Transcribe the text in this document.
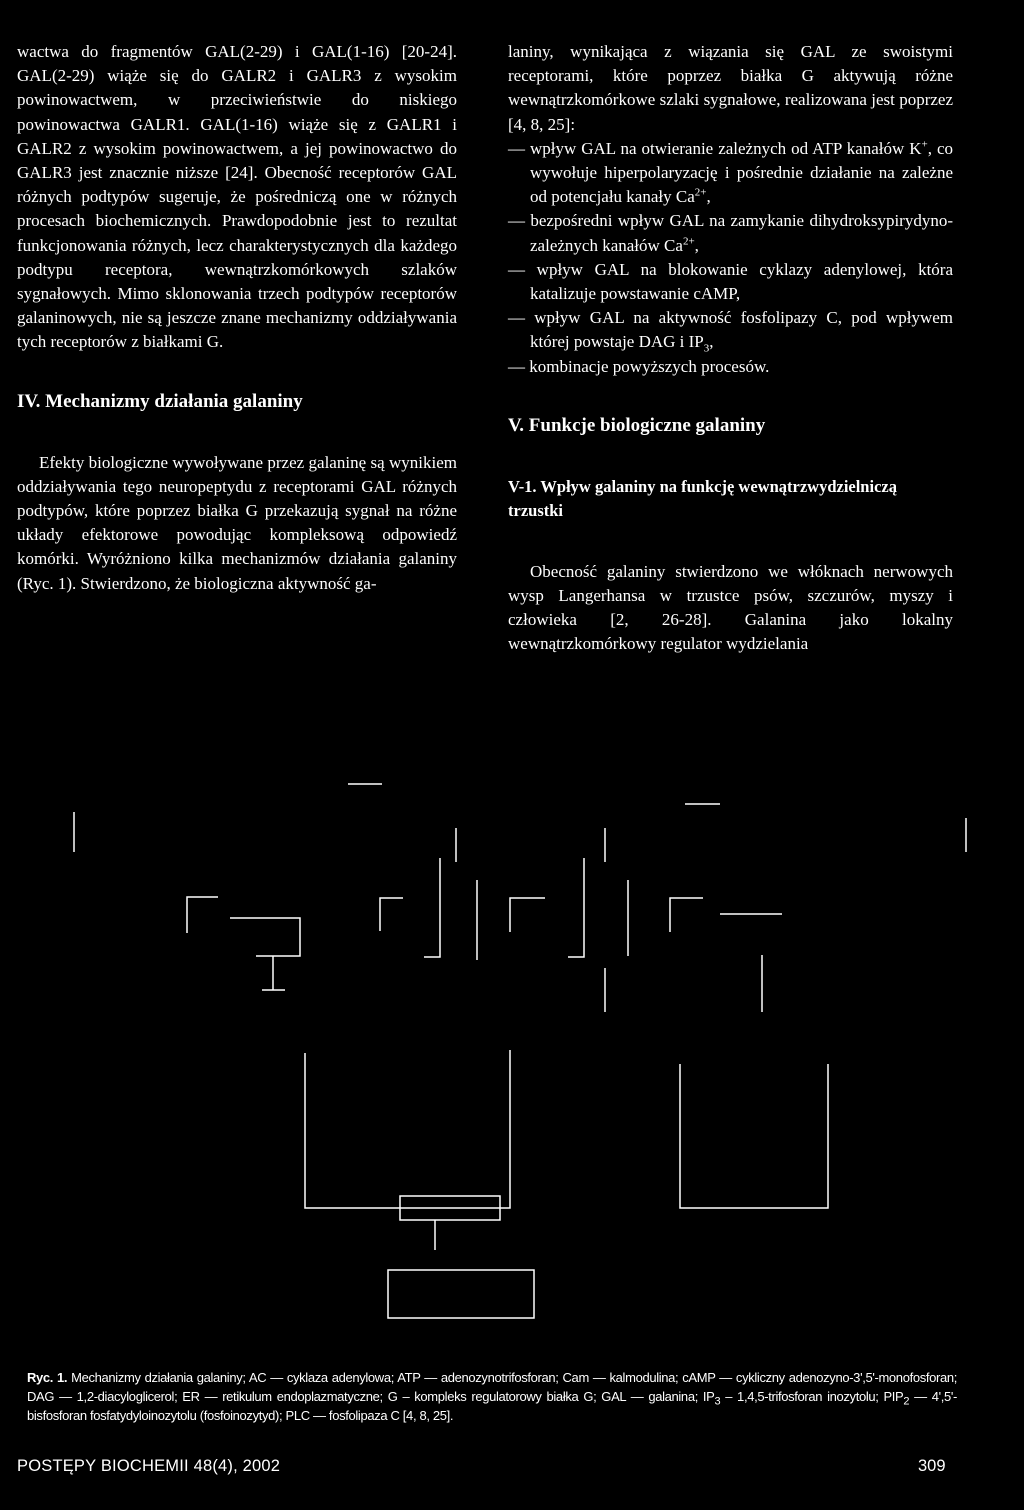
wactwa do fragmentów GAL(2-29) i GAL(1-16) [20-24]. GAL(2-29) wiąże się do GALR2 i GALR3 z wysokim powinowactwem, w przeciwieństwie do niskiego powinowactwa GALR1. GAL(1-16) wiąże się z GALR1 i GALR2 z wysokim powinowactwem, a jej powinowactwo do GALR3 jest znacznie niższe [24]. Obecność receptorów GAL różnych podtypów sugeruje, że pośredniczą one w różnych procesach biochemicznych. Prawdopodobnie jest to rezultat funkcjonowania różnych, lecz charakterystycznych dla każdego podtypu receptora, wewnątrzkomórkowych szlaków sygnałowych. Mimo sklonowania trzech podtypów receptorów galaninowych, nie są jeszcze znane mechanizmy oddziaływania tych receptorów z białkami G.

IV. Mechanizmy działania galaniny

Efekty biologiczne wywoływane przez galaninę są wynikiem oddziaływania tego neuropeptydu z receptorami GAL różnych podtypów, które poprzez białka G przekazują sygnał na różne układy efektorowe powodując kompleksową odpowiedź komórki. Wyróżniono kilka mechanizmów działania galaniny (Ryc. 1). Stwierdzono, że biologiczna aktywność ga-

laniny, wynikająca z wiązania się GAL ze swoistymi receptorami, które poprzez białka G aktywują różne wewnątrzkomórkowe szlaki sygnałowe, realizowana jest poprzez [4, 8, 25]:

— wpływ GAL na otwieranie zależnych od ATP kanałów K+, co wywołuje hiperpolaryzację i pośrednie działanie na zależne od potencjału kanały $Ca^{2+}$,

— bezpośredni wpływ GAL na zamykanie dihydroksypirydyno-zależnych kanałów $Ca^{2+}$,

— wpływ GAL na blokowanie cyklazy adenylowej, która katalizuje powstawanie cAMP,

— wpływ GAL na aktywność fosfolipazy C, pod wpływem której powstaje DAG i $IP_3$,

— kombinacje powyższych procesów.

V. Funkcje biologiczne galaniny
V-1. Wpływ galaniny na funkcję wewnątrzwydzielniczą trzustki

Obecność galaniny stwierdzono we włóknach nerwowych wysp Langerhansa w trzustce psów, szczurów, myszy i człowieka [2, 26-28]. Galanina jako lokalny wewnątrzkomórkowy regulator wydzielania

Ryc. 1. Mechanizmy działania galaniny; AC — cyklaza adenylowa; ATP — adenozynotrifosforan; Cam — kalmodulina; cAMP — cykliczny adenozyno-3',5'-monofosforan; DAG — 1,2-diacyloglicerol; ER — retikulum endoplazmatyczne; G – kompleks regulatorowy białka G; GAL — galanina; $IP_3$ – 1,4,5-trifosforan inozytolu; $PIP_2$ — 4',5'-bisfosforan fosfatydyloinozytolu (fosfoinozytyd); PLC — fosfolipaza C [4, 8, 25].
POSTĘPY BIOCHEMII 48(4), 2002	309
